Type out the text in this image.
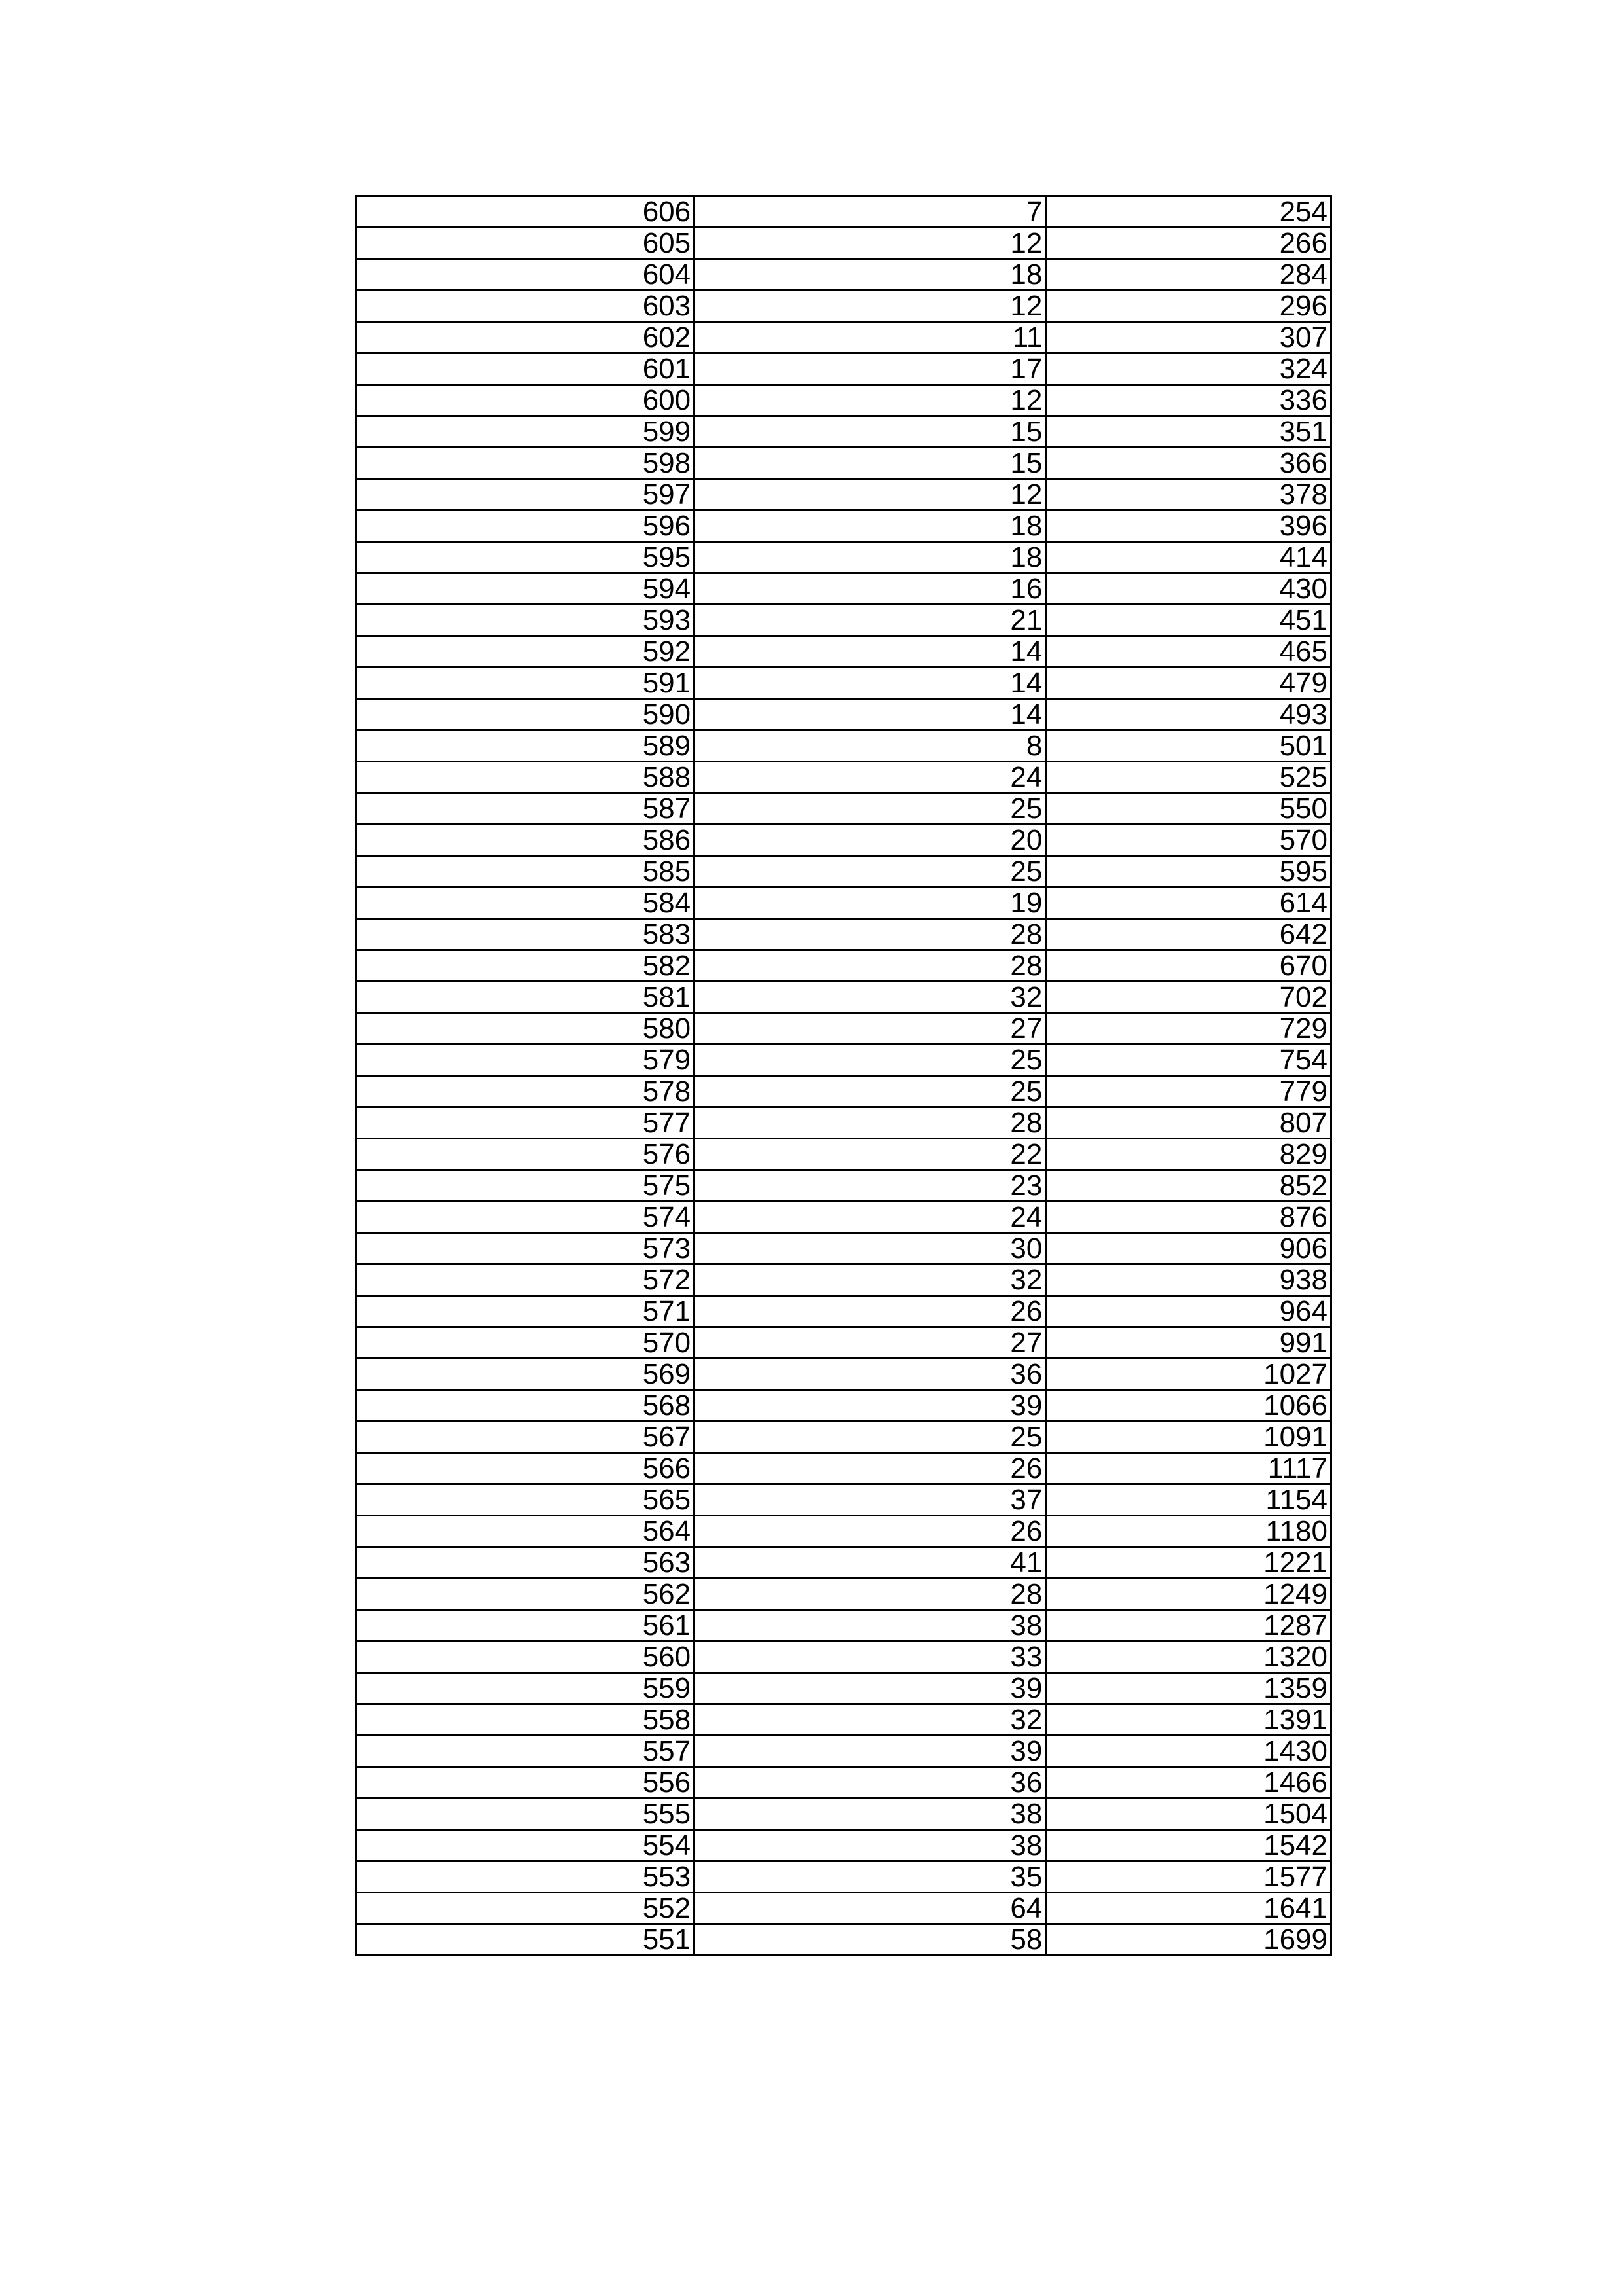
606	7	254
605	12	266
604	18	284
603	12	296
602	11	307
601	17	324
600	12	336
599	15	351
598	15	366
597	12	378
596	18	396
595	18	414
594	16	430
593	21	451
592	14	465
591	14	479
590	14	493
589	8	501
588	24	525
587	25	550
586	20	570
585	25	595
584	19	614
583	28	642
582	28	670
581	32	702
580	27	729
579	25	754
578	25	779
577	28	807
576	22	829
575	23	852
574	24	876
573	30	906
572	32	938
571	26	964
570	27	991
569	36	1027
568	39	1066
567	25	1091
566	26	1117
565	37	1154
564	26	1180
563	41	1221
562	28	1249
561	38	1287
560	33	1320
559	39	1359
558	32	1391
557	39	1430
556	36	1466
555	38	1504
554	38	1542
553	35	1577
552	64	1641
551	58	1699
